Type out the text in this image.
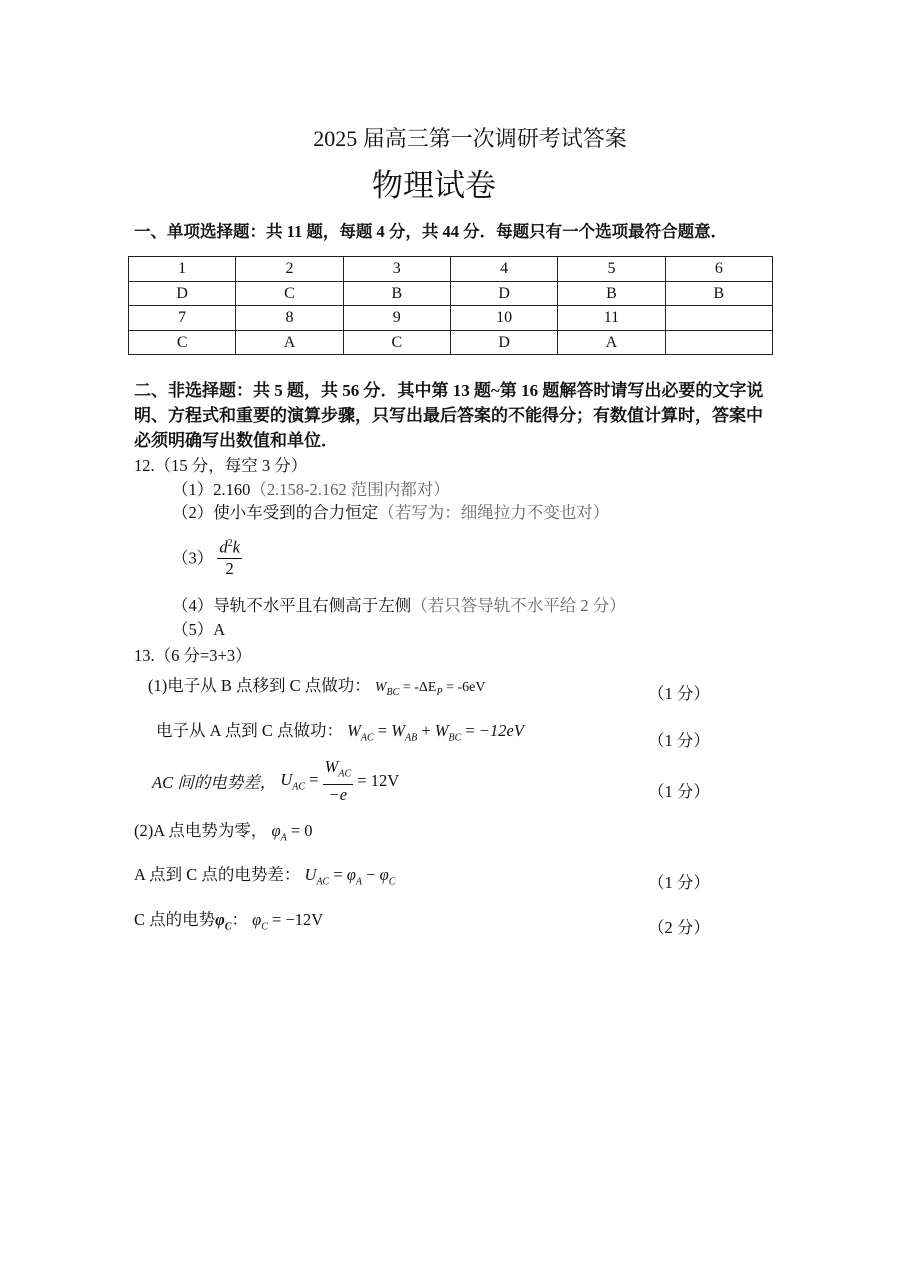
2025 届高三第一次调研考试答案
物理试卷
一、单项选择题：共 11 题，每题 4 分，共 44 分．每题只有一个选项最符合题意．
1	2	3	4	5	6
D	C	B	D	B	B
7	8	9	10	11	
C	A	C	D	A	
二、非选择题：共 5 题，共 56 分．其中第 13 题~第 16 题解答时请写出必要的文字说明、方程式和重要的演算步骤，只写出最后答案的不能得分；有数值计算时，答案中必须明确写出数值和单位．
12.（15 分，每空 3 分）
（1）2.160（2.158-2.162 范围内都对）
（2）使小车受到的合力恒定（若写为：细绳拉力不变也对）
$(3) \frac{d^2k}{2}$
（4）导轨不水平且右侧高于左侧（若只答导轨不水平给 2 分）
（5）A
13.（6 分=3+3）
(1)电子从 B 点移到 C 点做功： $W_{BC} = -\Delta E_P = -6eV$	（1 分）
电子从 A 点到 C 点做功： $W_{AC} = W_{AB} + W_{BC} = -12eV$
（1 分）
AC 间的电势差， $U_{AC} = \frac{W_{AC}}{-e} = 12V$
（1 分）
(2)A 点电势为零， $\varphi_A = 0$
A 点到 C 点的电势差： $U_{AC} = \varphi_A - \varphi_C$	（1 分）
C 点的电势$\varphi_C$： $\varphi_C = -12V$	（2 分）
